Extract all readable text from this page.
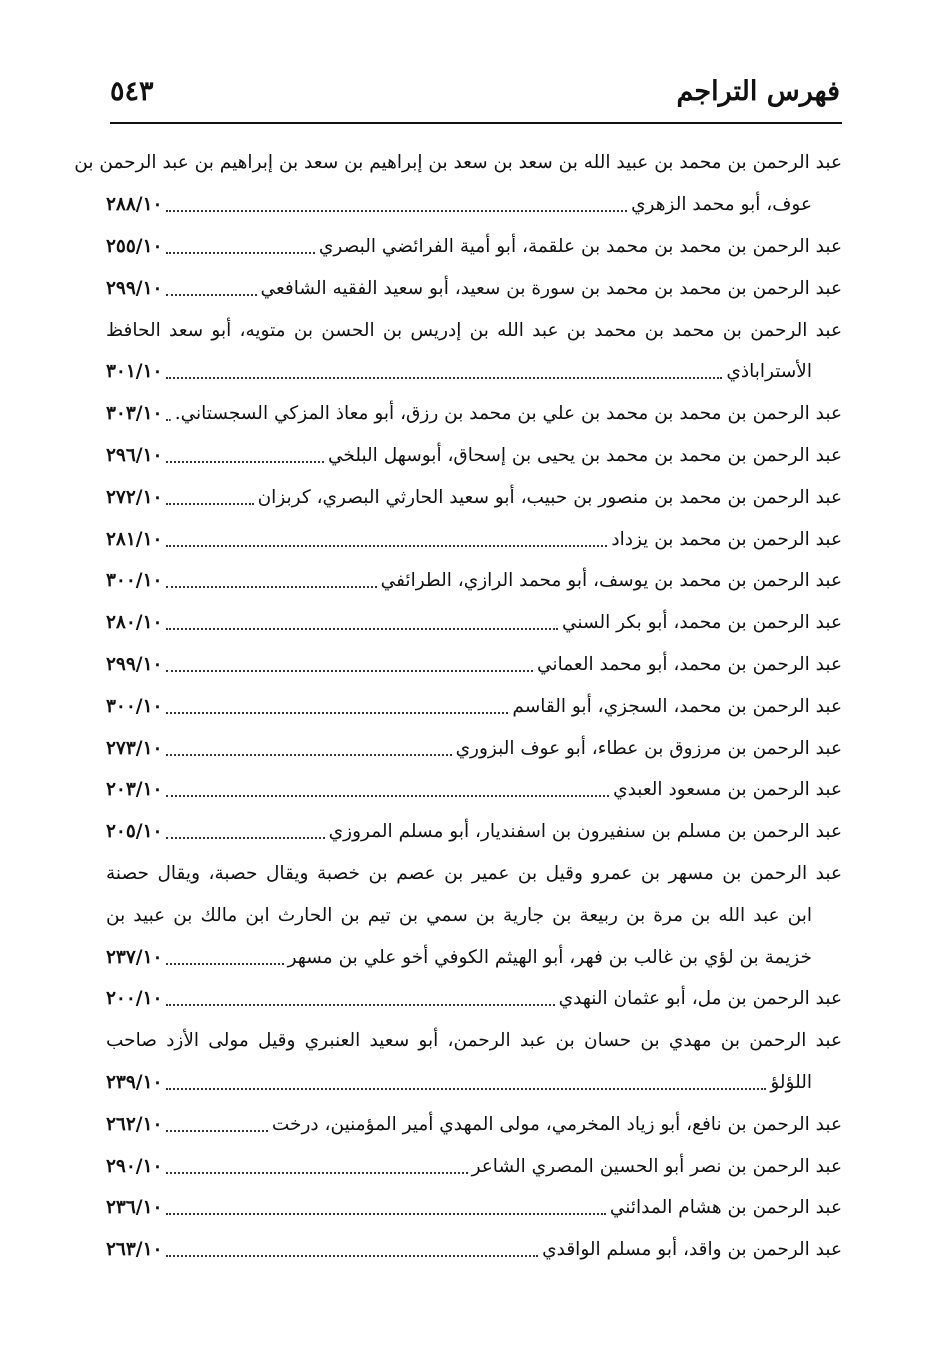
فهرس التراجم
٥٤٣
عبد الرحمن بن محمد بن عبيد الله بن سعد بن سعد بن إبراهيم بن سعد بن إبراهيم بن عبد الرحمن بن
عوف، أبو محمد الزهري
٢٨٨/١٠
عبد الرحمن بن محمد بن محمد بن علقمة، أبو أمية الفرائضي البصري
٢٥٥/١٠
عبد الرحمن بن محمد بن محمد بن سورة بن سعيد، أبو سعيد الفقيه الشافعي
٢٩٩/١٠
عبد الرحمن بن محمد بن محمد بن عبد الله بن إدريس بن الحسن بن متويه، أبو سعد الحافظ
الأستراباذي
٣٠١/١٠
عبد الرحمن بن محمد بن محمد بن علي بن محمد بن رزق، أبو معاذ المزكي السجستاني.
٣٠٣/١٠
عبد الرحمن بن محمد بن محمد بن يحيى بن إسحاق، أبوسهل البلخي
٢٩٦/١٠
عبد الرحمن بن محمد بن منصور بن حبيب، أبو سعيد الحارثي البصري، كربزان
٢٧٢/١٠
عبد الرحمن بن محمد بن يزداد
٢٨١/١٠
عبد الرحمن بن محمد بن يوسف، أبو محمد الرازي، الطرائفي
٣٠٠/١٠
عبد الرحمن بن محمد، أبو بكر السني
٢٨٠/١٠
عبد الرحمن بن محمد، أبو محمد العماني
٢٩٩/١٠
عبد الرحمن بن محمد، السجزي، أبو القاسم
٣٠٠/١٠
عبد الرحمن بن مرزوق بن عطاء، أبو عوف البزوري
٢٧٣/١٠
عبد الرحمن بن مسعود العبدي
٢٠٣/١٠
عبد الرحمن بن مسلم بن سنفيرون بن اسفنديار، أبو مسلم المروزي
٢٠٥/١٠
عبد الرحمن بن مسهر بن عمرو وقيل بن عمير بن عصم بن خصبة ويقال حصبة، ويقال حصنة
ابن عبد الله بن مرة بن ربيعة بن جارية بن سمي بن تيم بن الحارث ابن مالك بن عبيد بن
خزيمة بن لؤي بن غالب بن فهر، أبو الهيثم الكوفي أخو علي بن مسهر
٢٣٧/١٠
عبد الرحمن بن مل، أبو عثمان النهدي
٢٠٠/١٠
عبد الرحمن بن مهدي بن حسان بن عبد الرحمن، أبو سعيد العنبري وقيل مولى الأزد صاحب
اللؤلؤ
٢٣٩/١٠
عبد الرحمن بن نافع، أبو زياد المخرمي، مولى المهدي أمير المؤمنين، درخت
٢٦٢/١٠
عبد الرحمن بن نصر أبو الحسين المصري الشاعر
٢٩٠/١٠
عبد الرحمن بن هشام المدائني
٢٣٦/١٠
عبد الرحمن بن واقد، أبو مسلم الواقدي
٢٦٣/١٠
